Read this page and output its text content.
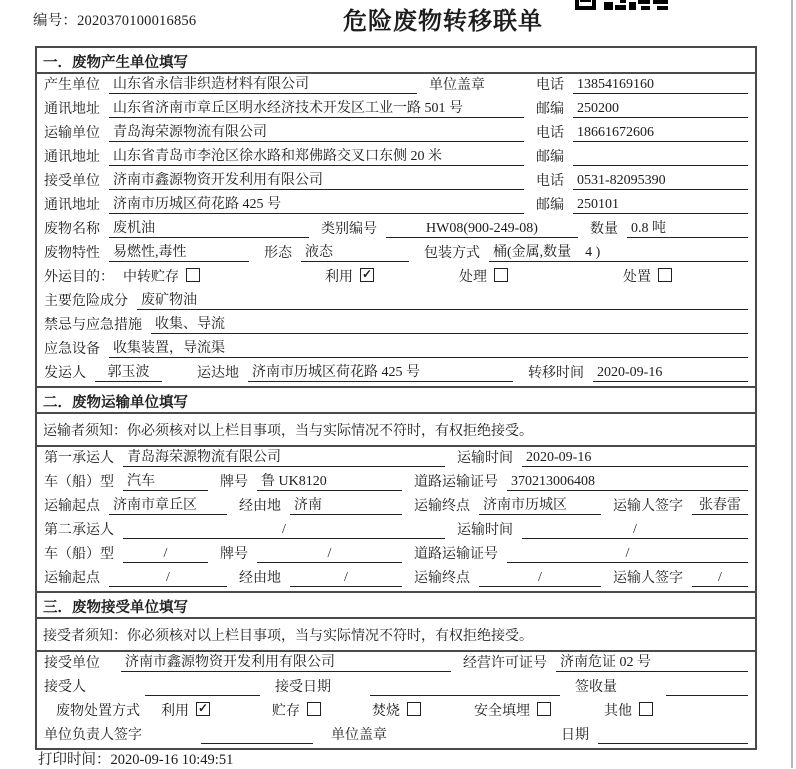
编号：2020370100016856	危险废物转移联单
一．废物产生单位填写
产生单位 山东省永信非织造材料有限公司	单位盖章	电话 13854169160
通讯地址 山东省济南市章丘区明水经济技术开发区工业一路 501 号	邮编 250200
运输单位 青岛海荣源物流有限公司	电话 18661672606
通讯地址 山东省青岛市李沧区徐水路和郑佛路交叉口东侧 20 米	邮编
接受单位 济南市鑫源物资开发利用有限公司	电话 0531-82095390
通讯地址 济南市历城区荷花路 425 号	邮编 250101
废物名称 废机油	类别编号	HW08(900-249-08)	数量 0.8 吨
废物特性 易燃性,毒性	形态 液态	包装方式 桶(金属,数量　4 )
外运目的： 中转贮存	利用 ✓	处理	处置
主要危险成分 废矿物油
禁忌与应急措施 收集、导流
应急设备 收集装置，导流渠
发运人	郭玉波	运达地 济南市历城区荷花路 425 号	转移时间 2020-09-16
二．废物运输单位填写
运输者须知：你必须核对以上栏目事项，当与实际情况不符时，有权拒绝接受。
第一承运人 青岛海荣源物流有限公司	运输时间 2020-09-16
车（船）型 汽车	牌号 鲁 UK8120	道路运输证号 370213006408
运输起点 济南市章丘区	经由地 济南	运输终点 济南市历城区	运输人签字	张春雷
第二承运人	/	运输时间	/
车（船）型	/	牌号	/	道路运输证号	/
运输起点	/	经由地	/	运输终点	/	运输人签字	/
三．废物接受单位填写
接受者须知：你必须核对以上栏目事项，当与实际情况不符时，有权拒绝接受。
接受单位 济南市鑫源物资开发利用有限公司	经营许可证号 济南危证 02 号
接受人	接受日期	签收量
废物处置方式 利用 ✓	贮存	焚烧	安全填埋	其他
单位负责人签字	单位盖章	日期
打印时间：2020-09-16 10:49:51
